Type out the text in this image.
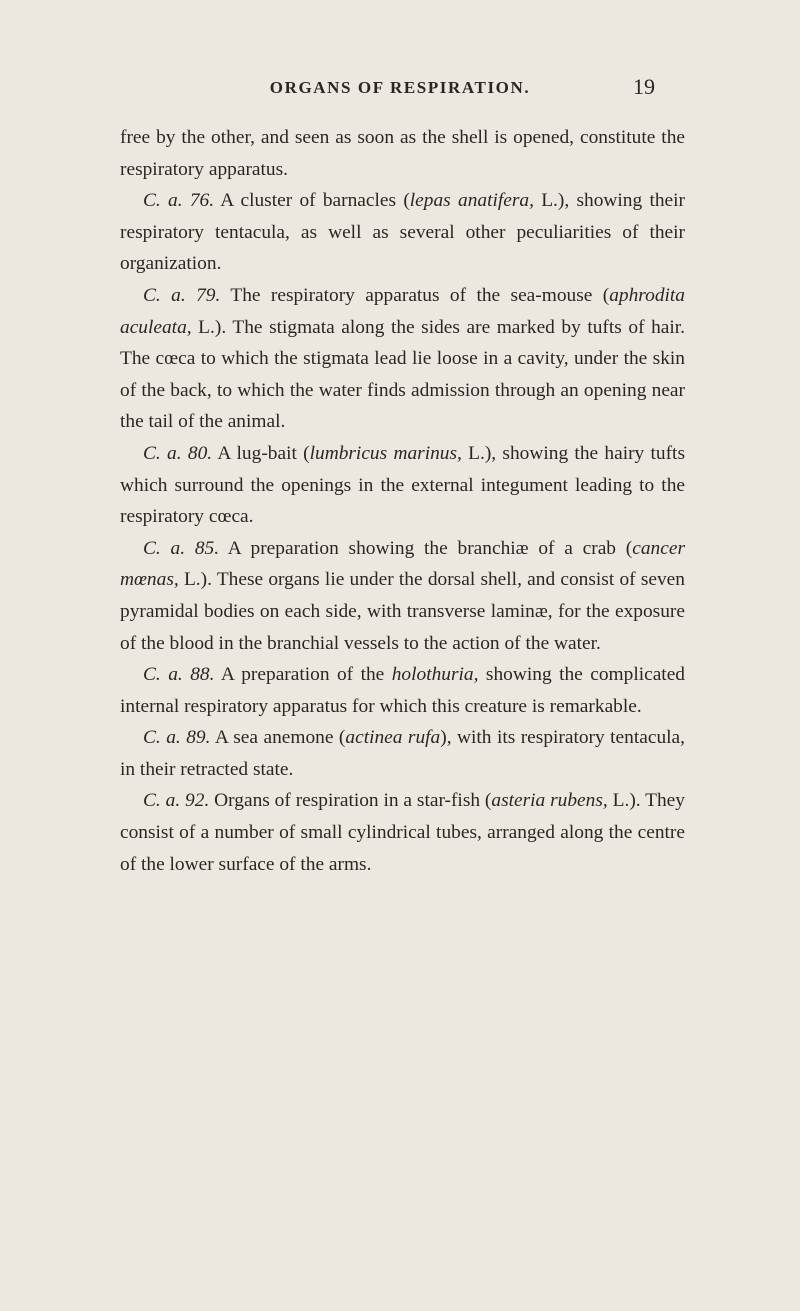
ORGANS OF RESPIRATION.	19

free by the other, and seen as soon as the shell is opened, constitute the respiratory apparatus.

C. a. 76. A cluster of barnacles (lepas anatifera, L.), showing their respiratory tentacula, as well as several other peculiarities of their organization.

C. a. 79. The respiratory apparatus of the sea-mouse (aphrodita aculeata, L.). The stigmata along the sides are marked by tufts of hair. The cœca to which the stigmata lead lie loose in a cavity, under the skin of the back, to which the water finds admission through an opening near the tail of the animal.

C. a. 80. A lug-bait (lumbricus marinus, L.), showing the hairy tufts which surround the openings in the external integument leading to the respiratory cœca.

C. a. 85. A preparation showing the branchiæ of a crab (cancer mœnas, L.). These organs lie under the dorsal shell, and consist of seven pyramidal bodies on each side, with transverse laminæ, for the exposure of the blood in the branchial vessels to the action of the water.

C. a. 88. A preparation of the holothuria, showing the complicated internal respiratory apparatus for which this creature is remarkable.

C. a. 89. A sea anemone (actinea rufa), with its respiratory tentacula, in their retracted state.

C. a. 92. Organs of respiration in a star-fish (asteria rubens, L.). They consist of a number of small cylindrical tubes, arranged along the centre of the lower surface of the arms.
